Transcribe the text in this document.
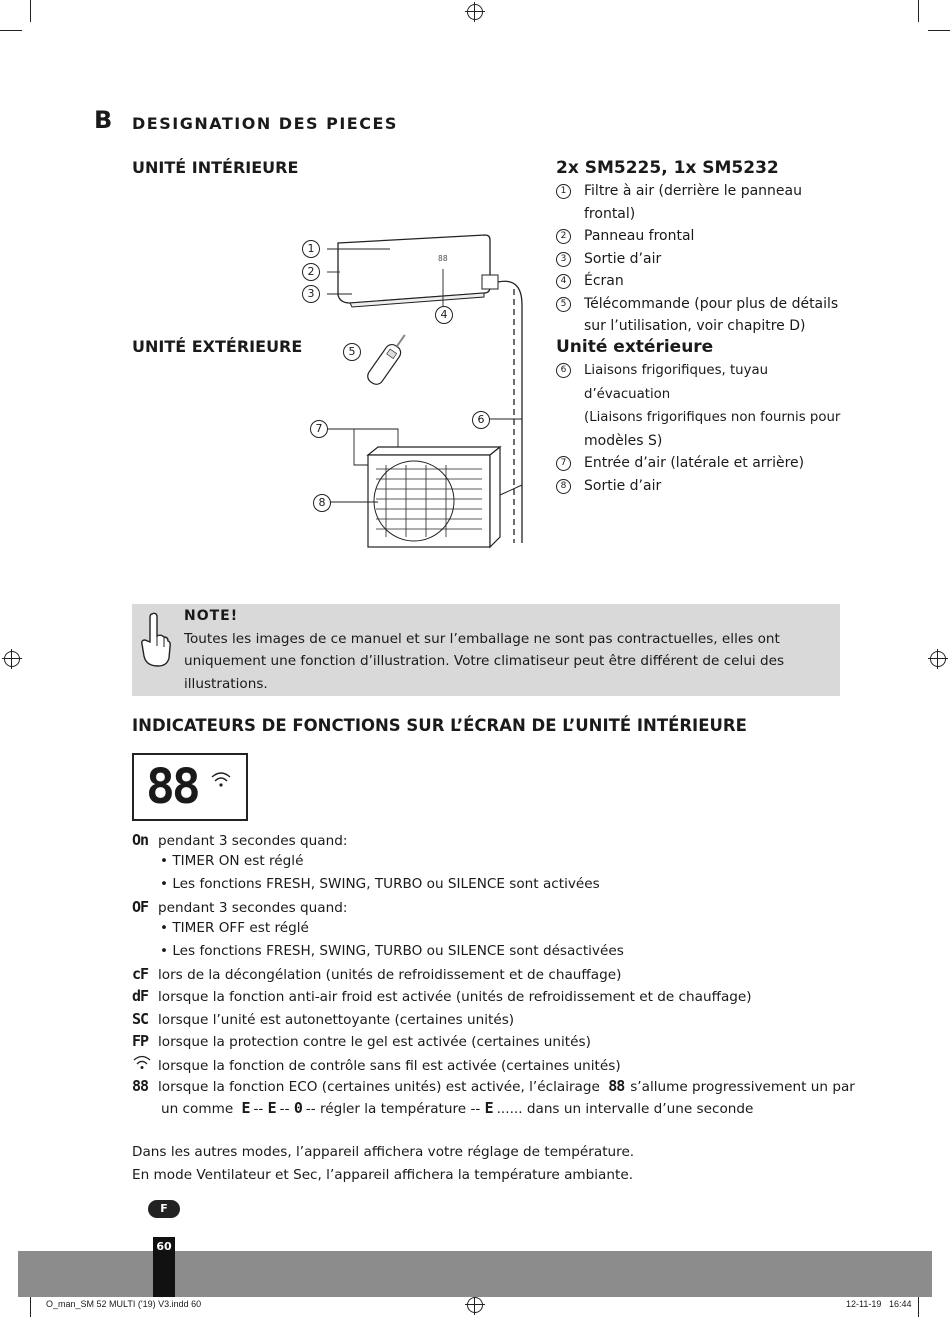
B DESIGNATION DES PIECES
UNITÉ INTÉRIEURE
UNITÉ EXTÉRIEURE
2x SM5225, 1x SM5232
1	Filtre à air (derrière le panneau frontal)
2	Panneau frontal
3	Sortie d’air
4	Écran
5	Télécommande (pour plus de détails
sur l’utilisation, voir chapitre D)
Unité extérieure
6	Liaisons frigorifiques, tuyau d’évacuation
(Liaisons frigorifiques non fournis pour
modèles S)
7	Entrée d’air (latérale et arrière)
8	Sortie d’air
88
1
2
3
4
5
6
7
8
NOTE!
Toutes les images de ce manuel et sur l’emballage ne sont pas contractuelles, elles ont
uniquement une fonction d’illustration. Votre climatiseur peut être différent de celui des
illustrations.
INDICATEURS DE FONCTIONS SUR L’ÉCRAN DE L’UNITÉ INTÉRIEURE
88
On pendant 3 secondes quand:
• TIMER ON est réglé
• Les fonctions FRESH, SWING, TURBO ou SILENCE sont activées
OF pendant 3 secondes quand:
• TIMER OFF est réglé
• Les fonctions FRESH, SWING, TURBO ou SILENCE sont désactivées
cF lors de la décongélation (unités de refroidissement et de chauffage)
dF lorsque la fonction anti-air froid est activée (unités de refroidissement et de chauffage)
SC lorsque l’unité est autonettoyante (certaines unités)
FP lorsque la protection contre le gel est activée (certaines unités)
lorsque la fonction de contrôle sans fil est activée (certaines unités)
88 lorsque la fonction ECO (certaines unités) est activée, l’éclairage 88 s’allume progressivement un par
un comme E -- E -- 0 -- régler la température -- E ...... dans un intervalle d’une seconde
Dans les autres modes, l’appareil affichera votre réglage de température.
En mode Ventilateur et Sec, l’appareil affichera la température ambiante.
F
60
O_man_SM 52 MULTI ('19) V3.indd 60	12-11-19 16:44
